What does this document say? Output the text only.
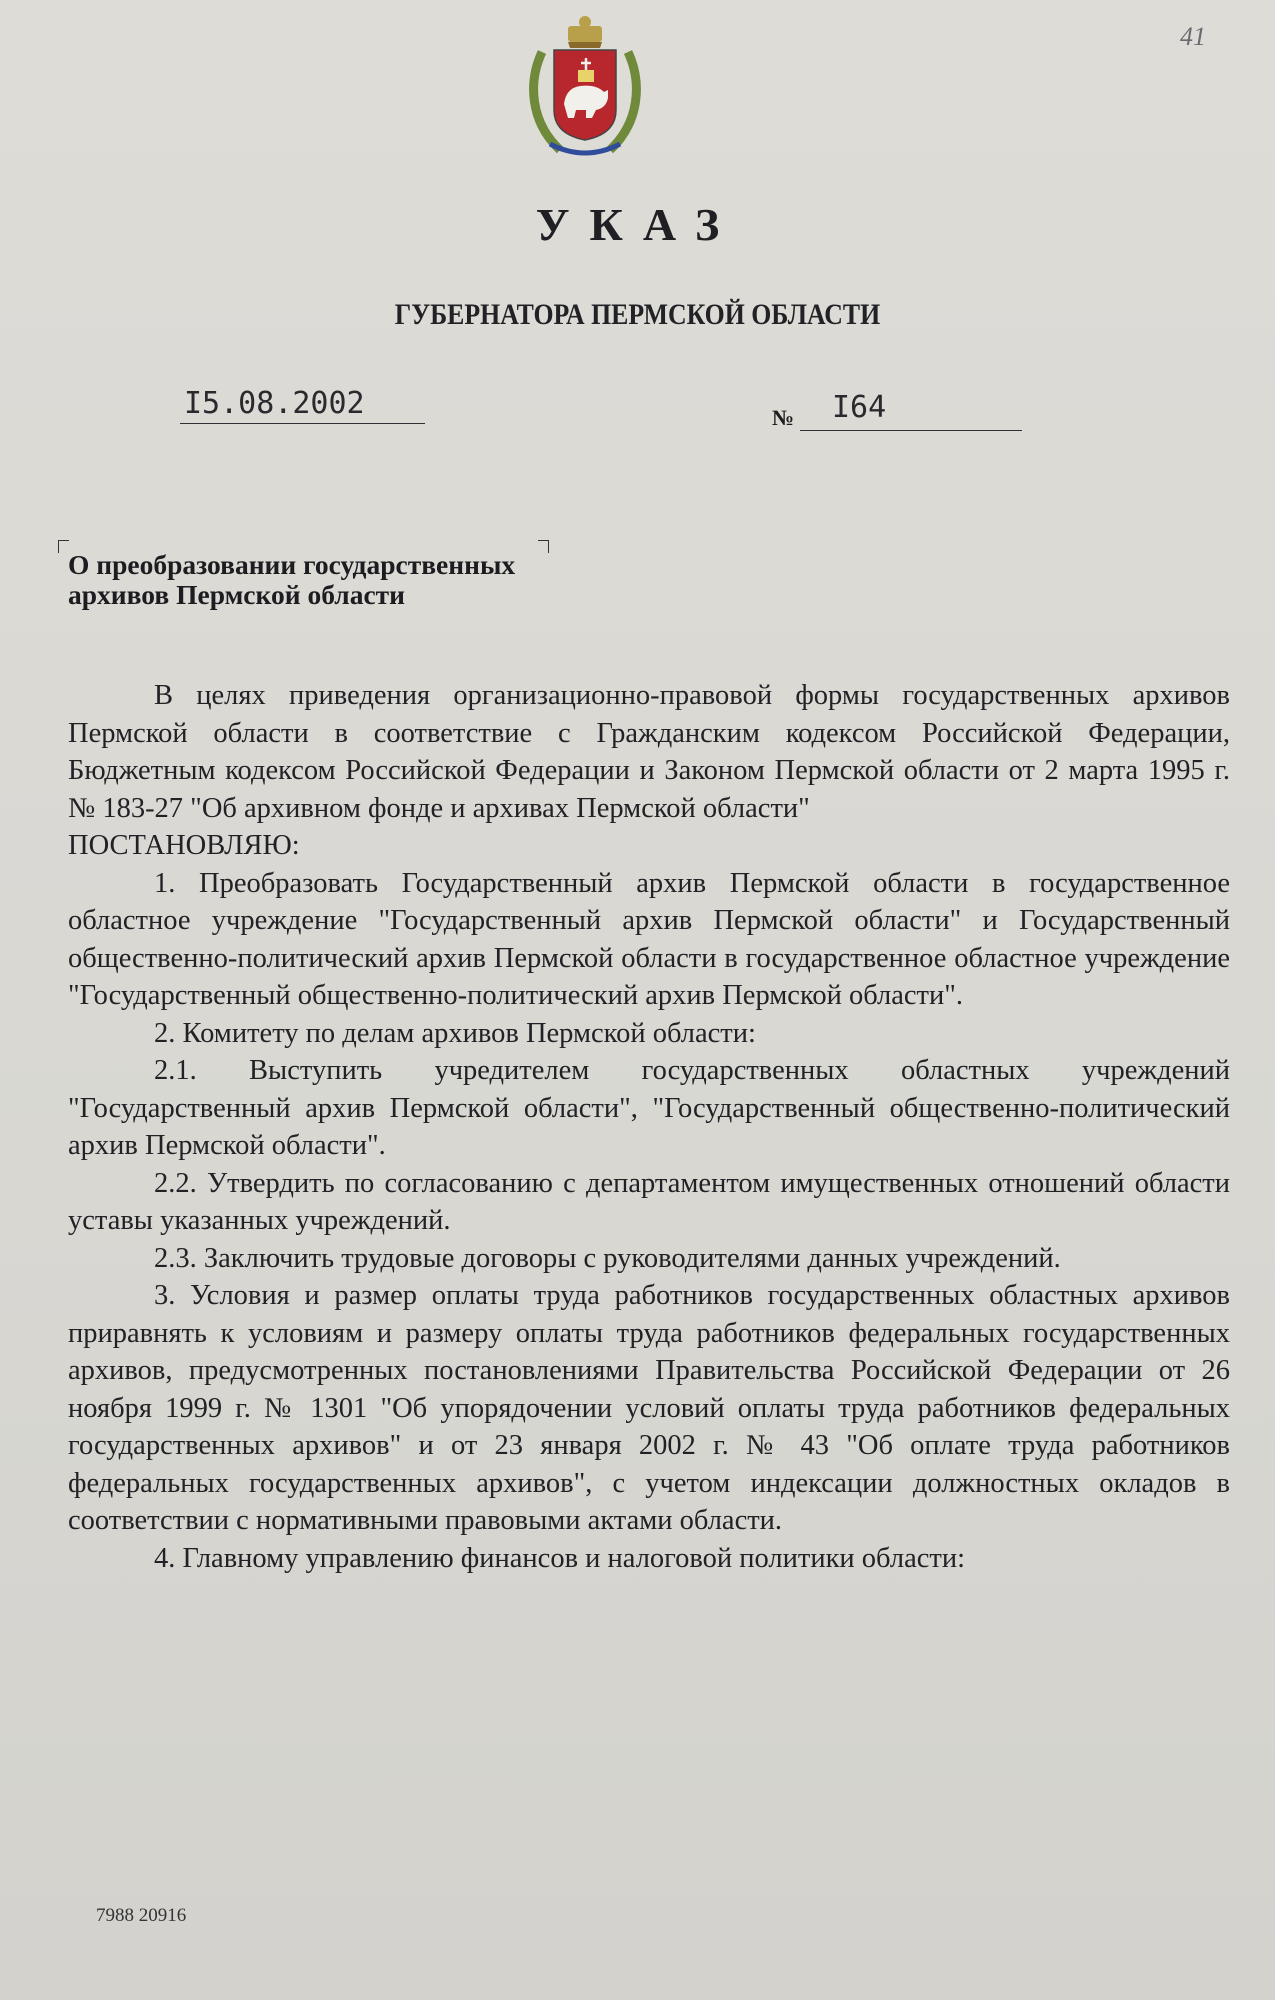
41
УКАЗ
ГУБЕРНАТОРА ПЕРМСКОЙ ОБЛАСТИ
I5.08.2002	№ I64
О преобразовании государственных
архивов Пермской области

В целях приведения организационно-правовой формы государственных архивов Пермской области в соответствие с Гражданским кодексом Российской Федерации, Бюджетным кодексом Российской Федерации и Законом Пермской области от 2 марта 1995 г. № 183-27 "Об архивном фонде и архивах Пермской области"

ПОСТАНОВЛЯЮ:

1. Преобразовать Государственный архив Пермской области в государственное областное учреждение "Государственный архив Пермской области" и Государственный общественно-политический архив Пермской области в государственное областное учреждение "Государственный общественно-политический архив Пермской области".

2. Комитету по делам архивов Пермской области:

2.1. Выступить учредителем государственных областных учреждений "Государственный архив Пермской области", "Государственный общественно-политический архив Пермской области".

2.2. Утвердить по согласованию с департаментом имущественных отношений области уставы указанных учреждений.

2.3. Заключить трудовые договоры с руководителями данных учреждений.

3. Условия и размер оплаты труда работников государственных областных архивов приравнять к условиям и размеру оплаты труда работников федеральных государственных архивов, предусмотренных постановлениями Правительства Российской Федерации от 26 ноября 1999 г. № 1301 "Об упорядочении условий оплаты труда работников федеральных государственных архивов" и от 23 января 2002 г. № 43 "Об оплате труда работников федеральных государственных архивов", с учетом индексации должностных окладов в соответствии с нормативными правовыми актами области.

4. Главному управлению финансов и налоговой политики области:

7988 20916
